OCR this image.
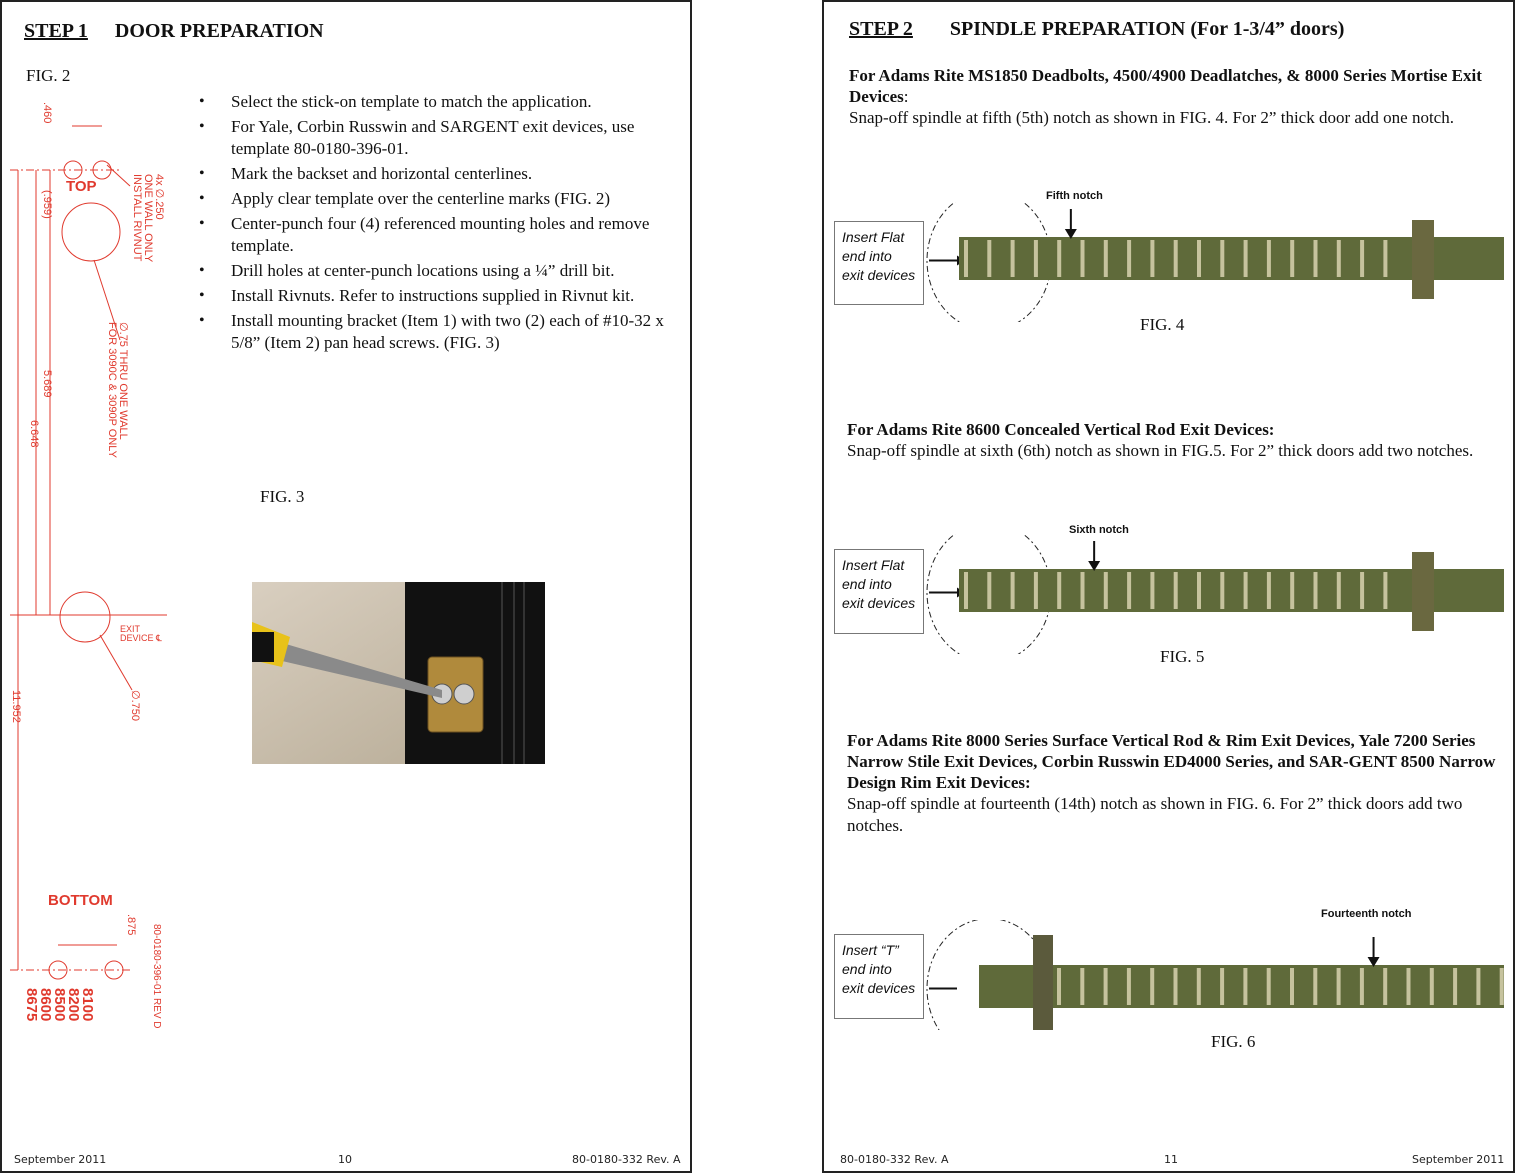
STEP 1 DOOR PREPARATION
FIG. 2
.460
(.959)
5.689
6.648
11.952
.875
4x ∅.250
ONE WALL ONLY
INSTALL RIVNUT
∅.75 THRU ONE WALL
FOR 3090C & 3090P ONLY
EXIT
DEVICE ℄
∅.750
80-0180-396-01 REV D
TOP
BOTTOM
8100
8200
8500
8600
8675
• Select the stick-on template to match the application.
• For Yale, Corbin Russwin and SARGENT exit devices, use template 80-0180-396-01.
• Mark the backset and horizontal centerlines.
• Apply clear template over the centerline marks (FIG. 2)
• Center-punch four (4) referenced mounting holes and remove template.
• Drill holes at center-punch locations using a ¼” drill bit.
• Install Rivnuts. Refer to instructions supplied in Rivnut kit.
• Install mounting bracket (Item 1) with two (2) each of #10-32 x 5/8” (Item 2) pan head screws. (FIG. 3)
FIG. 3
September 2011	10	80-0180-332 Rev. A
STEP 2 SPINDLE PREPARATION (For 1-3/4” doors)
For Adams Rite MS1850 Deadbolts, 4500/4900 Deadlatches, & 8000 Series Mortise Exit Devices:
Snap-off spindle at fifth (5th) notch as shown in FIG. 4. For 2” thick door add one notch.
Fifth notch
Insert Flat
end into
exit devices
FIG. 4
For Adams Rite 8600 Concealed Vertical Rod Exit Devices:
Snap-off spindle at sixth (6th) notch as shown in FIG.5. For 2” thick doors add two notches.
Sixth notch
Insert Flat
end into
exit devices
FIG. 5
For Adams Rite 8000 Series Surface Vertical Rod & Rim Exit Devices, Yale 7200 Series Narrow Stile Exit Devices, Corbin Russwin ED4000 Series, and SAR-GENT 8500 Narrow Design Rim Exit Devices:
Snap-off spindle at fourteenth (14th) notch as shown in FIG. 6. For 2” thick doors add two notches.
Fourteenth notch
Insert “T”
end into
exit devices
FIG. 6
80-0180-332 Rev. A	11	September 2011
